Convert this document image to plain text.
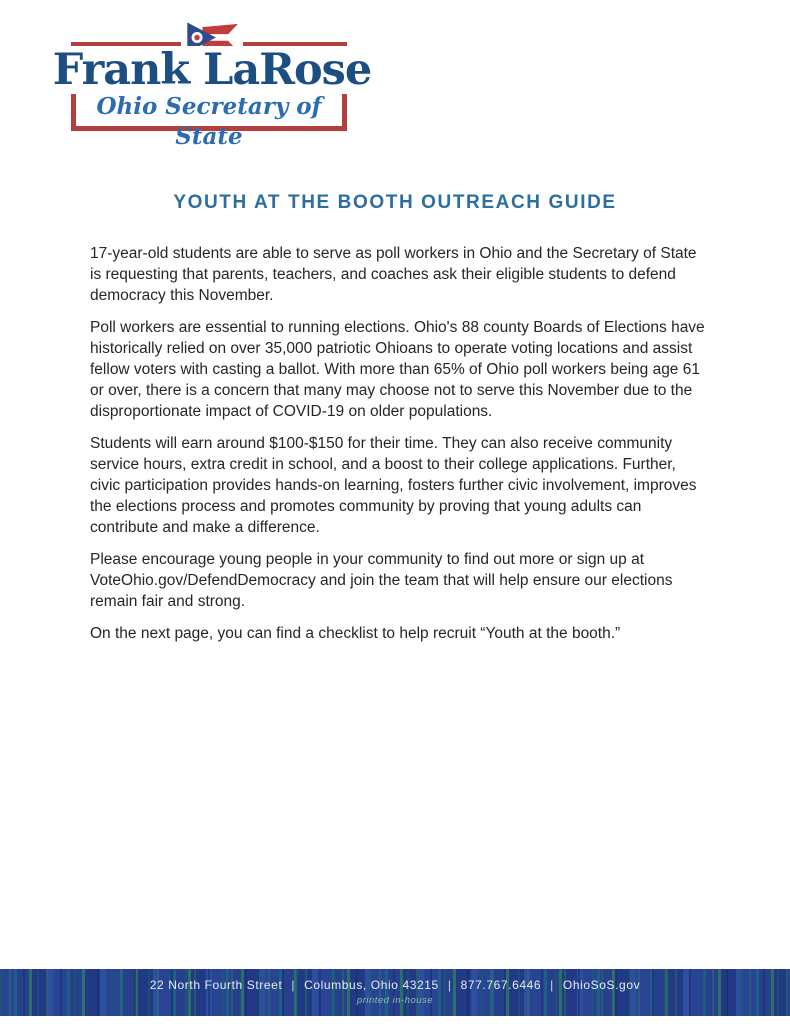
Frank LaRose
Ohio Secretary of State
YOUTH AT THE BOOTH OUTREACH GUIDE

17-year-old students are able to serve as poll workers in Ohio and the Secretary of State is requesting that parents, teachers, and coaches ask their eligible students to defend democracy this November.

Poll workers are essential to running elections. Ohio's 88 county Boards of Elections have historically relied on over 35,000 patriotic Ohioans to operate voting locations and assist fellow voters with casting a ballot. With more than 65% of Ohio poll workers being age 61 or over, there is a concern that many may choose not to serve this November due to the disproportionate impact of COVID-19 on older populations.

Students will earn around $100-$150 for their time. They can also receive community service hours, extra credit in school, and a boost to their college applications. Further, civic participation provides hands-on learning, fosters further civic involvement, improves the elections process and promotes community by proving that young adults can contribute and make a difference.

Please encourage young people in your community to find out more or sign up at VoteOhio.gov/DefendDemocracy and join the team that will help ensure our elections remain fair and strong.

On the next page, you can find a checklist to help recruit “Youth at the booth.”

22 North Fourth Street | Columbus, Ohio 43215 | 877.767.6446 | OhioSoS.gov
printed in-house
